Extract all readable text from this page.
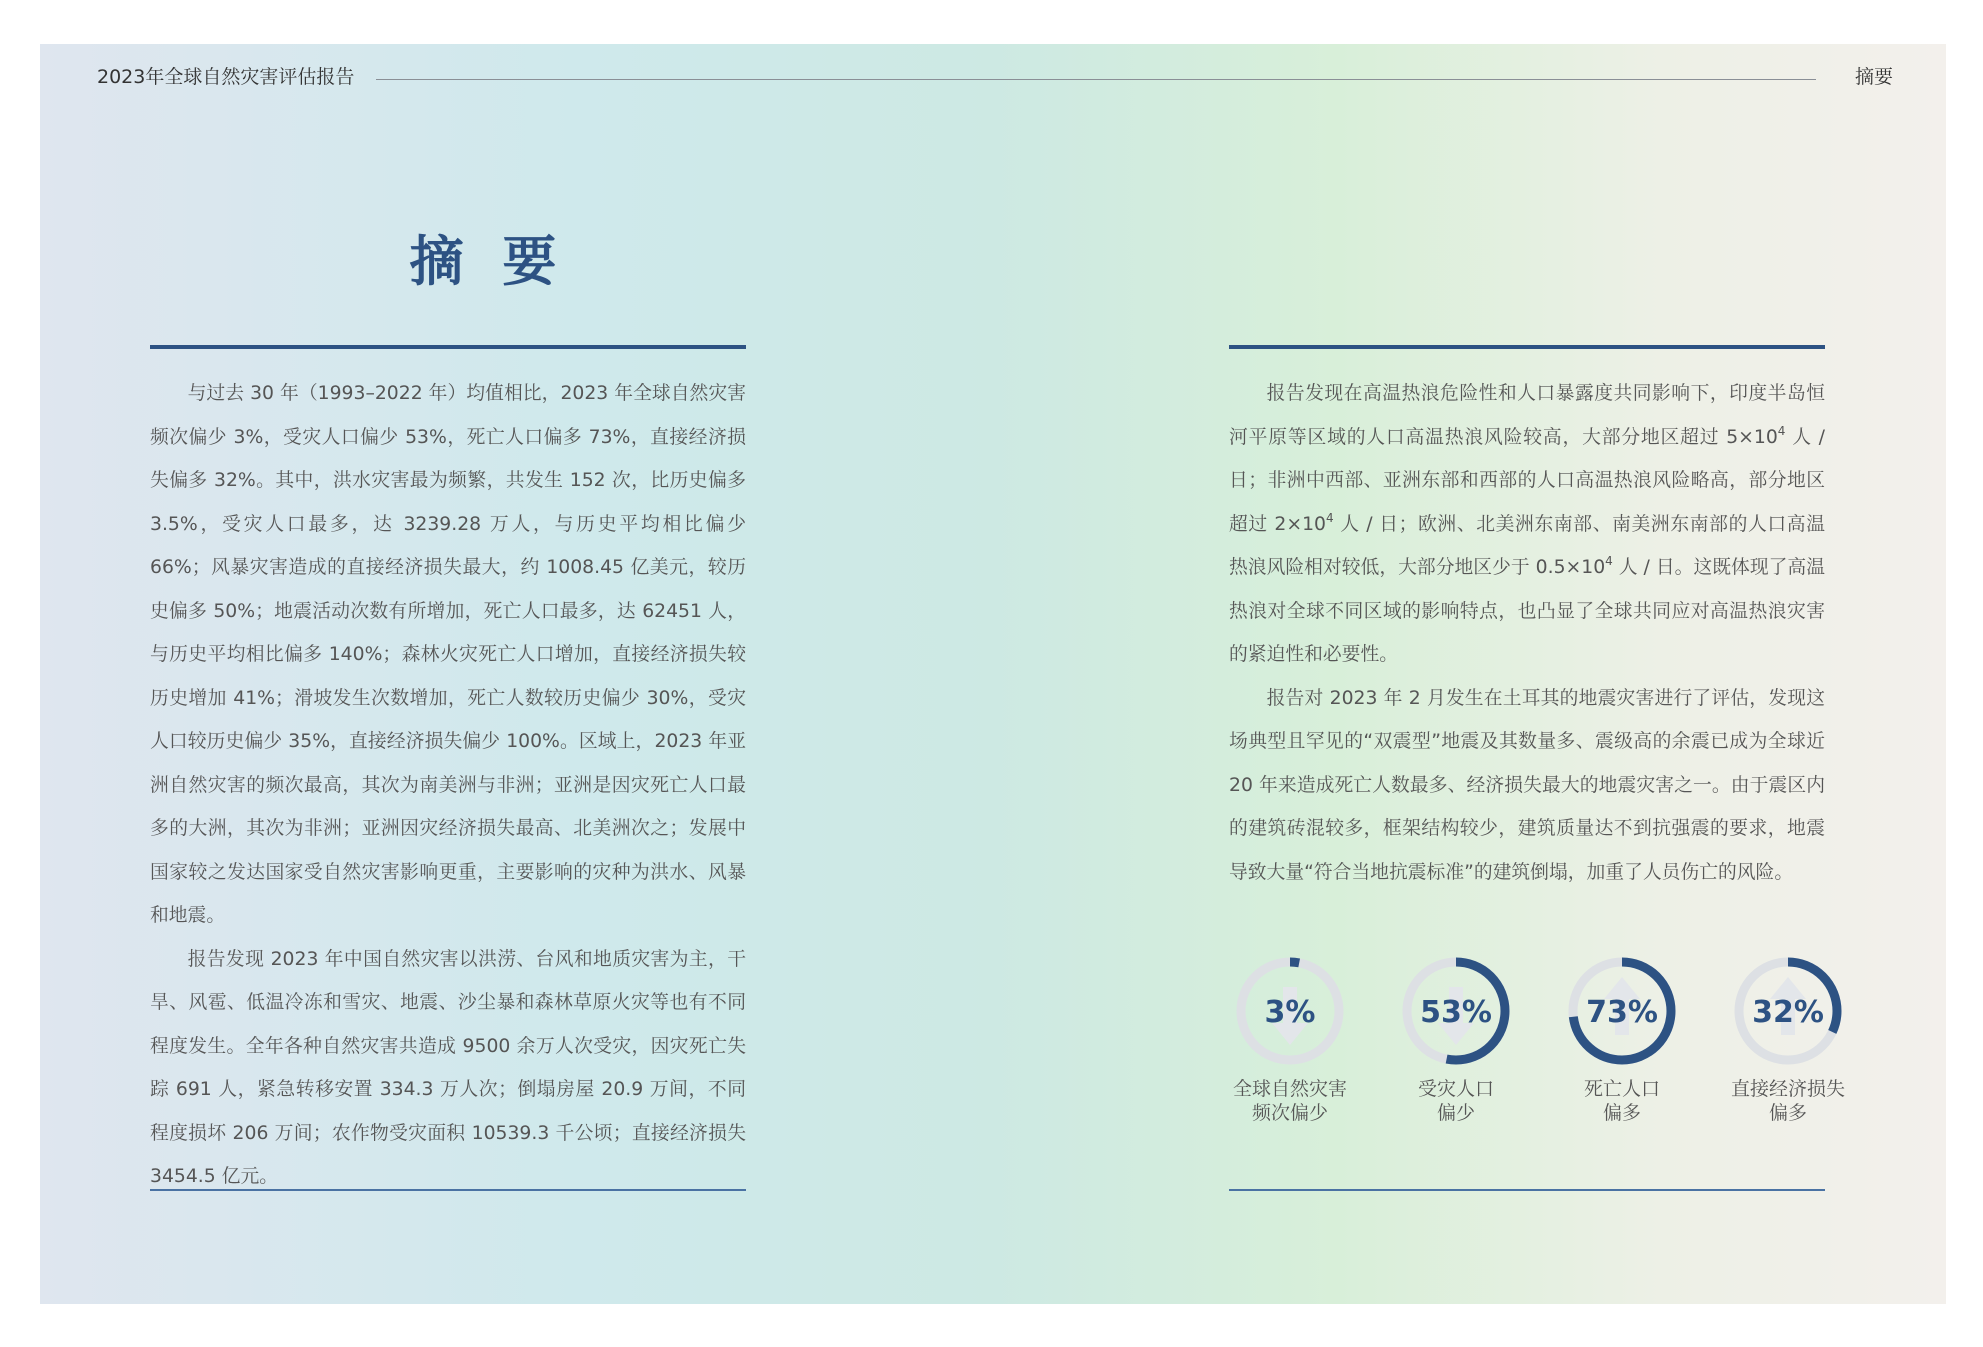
2023年全球自然灾害评估报告	摘要
摘 要

与过去 30 年（1993–2022 年）均值相比，2023 年全球自然灾害频次偏少 3%，受灾人口偏少 53%，死亡人口偏多 73%，直接经济损失偏多 32%。其中，洪水灾害最为频繁，共发生 152 次，比历史偏多 3.5%，受灾人口最多，达 3239.28 万人，与历史平均相比偏少 66%；风暴灾害造成的直接经济损失最大，约 1008.45 亿美元，较历史偏多 50%；地震活动次数有所增加，死亡人口最多，达 62451 人，与历史平均相比偏多 140%；森林火灾死亡人口增加，直接经济损失较历史增加 41%；滑坡发生次数增加，死亡人数较历史偏少 30%，受灾人口较历史偏少 35%，直接经济损失偏少 100%。区域上，2023 年亚洲自然灾害的频次最高，其次为南美洲与非洲；亚洲是因灾死亡人口最多的大洲，其次为非洲；亚洲因灾经济损失最高、北美洲次之；发展中国家较之发达国家受自然灾害影响更重，主要影响的灾种为洪水、风暴和地震。

报告发现 2023 年中国自然灾害以洪涝、台风和地质灾害为主，干旱、风雹、低温冷冻和雪灾、地震、沙尘暴和森林草原火灾等也有不同程度发生。全年各种自然灾害共造成 9500 余万人次受灾，因灾死亡失踪 691 人，紧急转移安置 334.3 万人次；倒塌房屋 20.9 万间，不同程度损坏 206 万间；农作物受灾面积 10539.3 千公顷；直接经济损失 3454.5 亿元。

报告发现在高温热浪危险性和人口暴露度共同影响下，印度半岛恒河平原等区域的人口高温热浪风险较高，大部分地区超过 $5\times 10^4$ 人 / 日；非洲中西部、亚洲东部和西部的人口高温热浪风险略高，部分地区超过 $2\times 10^4$ 人 / 日；欧洲、北美洲东南部、南美洲东南部的人口高温热浪风险相对较低，大部分地区少于 $0.5\times 10^4$ 人 / 日。这既体现了高温热浪对全球不同区域的影响特点，也凸显了全球共同应对高温热浪灾害的紧迫性和必要性。

报告对 2023 年 2 月发生在土耳其的地震灾害进行了评估，发现这场典型且罕见的“双震型”地震及其数量多、震级高的余震已成为全球近 20 年来造成死亡人数最多、经济损失最大的地震灾害之一。由于震区内的建筑砖混较多，框架结构较少，建筑质量达不到抗强震的要求，地震导致大量“符合当地抗震标准”的建筑倒塌，加重了人员伤亡的风险。

3%
全球自然灾害
频次偏少
53%
受灾人口
偏少
73%
死亡人口
偏多
32%
直接经济损失
偏多
